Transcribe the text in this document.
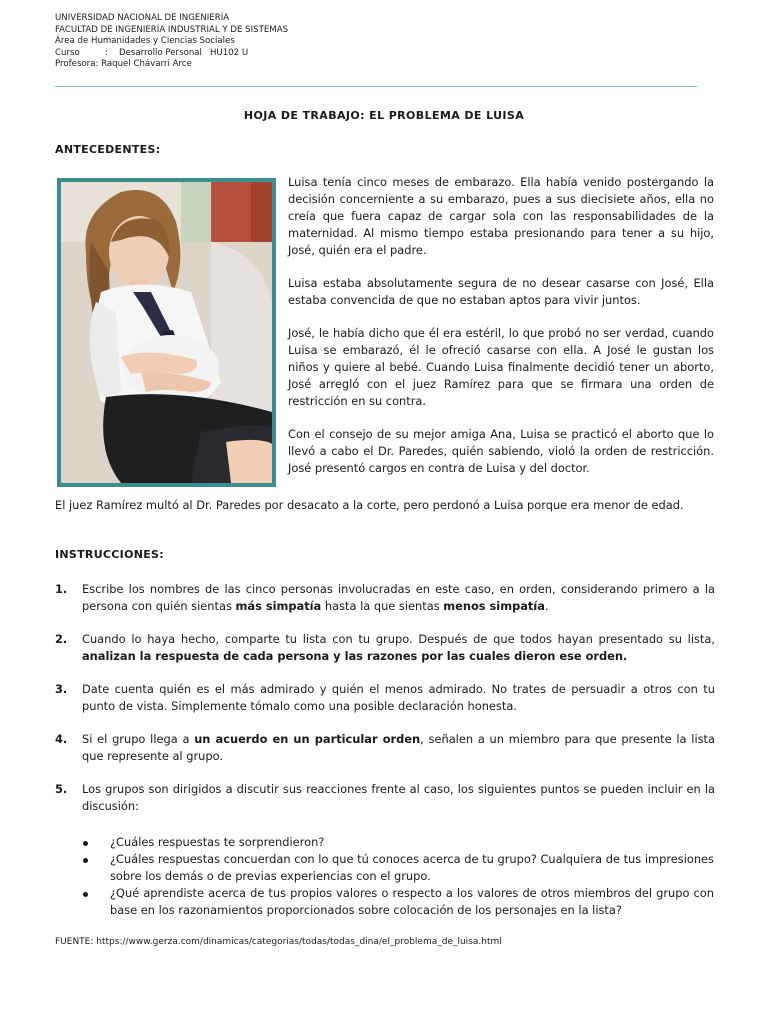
UNIVERSIDAD NACIONAL DE INGENIERÍA
FACULTAD DE INGENIERÍA INDUSTRIAL Y DE SISTEMAS
Área de Humanidades y Ciencias Sociales
Curso	: Desarrollo Personal HU102 U
Profesora: Raquel Chávarri Arce
HOJA DE TRABAJO: EL PROBLEMA DE LUISA
ANTECEDENTES:

Luisa tenía cinco meses de embarazo. Ella había venido postergando la decisión concerniente a su embarazo, pues a sus diecisiete años, ella no creía que fuera capaz de cargar sola con las responsabilidades de la maternidad. Al mismo tiempo estaba presionando para tener a su hijo, José, quién era el padre.

Luisa estaba absolutamente segura de no desear casarse con José, Ella estaba convencida de que no estaban aptos para vivir juntos.

José, le había dicho que él era estéril, lo que probó no ser verdad, cuando Luisa se embarazó, él le ofreció casarse con ella. A José le gustan los niños y quiere al bebé. Cuando Luisa finalmente decidió tener un aborto, José arregló con el juez Ramírez para que se firmara una orden de restricción en su contra.

Con el consejo de su mejor amiga Ana, Luisa se practicó el aborto que lo llevó a cabo el Dr. Paredes, quién sabiendo, violó la orden de restricción. José presentó cargos en contra de Luisa y del doctor.

El juez Ramírez multó al Dr. Paredes por desacato a la corte, pero perdonó a Luisa porque era menor de edad.
INSTRUCCIONES:
1.	Escribe los nombres de las cinco personas involucradas en este caso, en orden, considerando primero a la persona con quién sientas más simpatía hasta la que sientas menos simpatía.
2.	Cuando lo haya hecho, comparte tu lista con tu grupo. Después de que todos hayan presentado su lista, analizan la respuesta de cada persona y las razones por las cuales dieron ese orden.
3.	Date cuenta quién es el más admirado y quién el menos admirado. No trates de persuadir a otros con tu punto de vista. Simplemente tómalo como una posible declaración honesta.
4.	Si el grupo llega a un acuerdo en un particular orden, señalen a un miembro para que presente la lista que represente al grupo.
5.	Los grupos son dirigidos a discutir sus reacciones frente al caso, los siguientes puntos se pueden incluir en la discusión:
¿Cuáles respuestas te sorprendieron?
¿Cuáles respuestas concuerdan con lo que tú conoces acerca de tu grupo? Cualquiera de tus impresiones sobre los demás o de previas experiencias con el grupo.
¿Qué aprendiste acerca de tus propios valores o respecto a los valores de otros miembros del grupo con base en los razonamientos proporcionados sobre colocación de los personajes en la lista?
FUENTE: https://www.gerza.com/dinamicas/categorias/todas/todas_dina/el_problema_de_luisa.html
